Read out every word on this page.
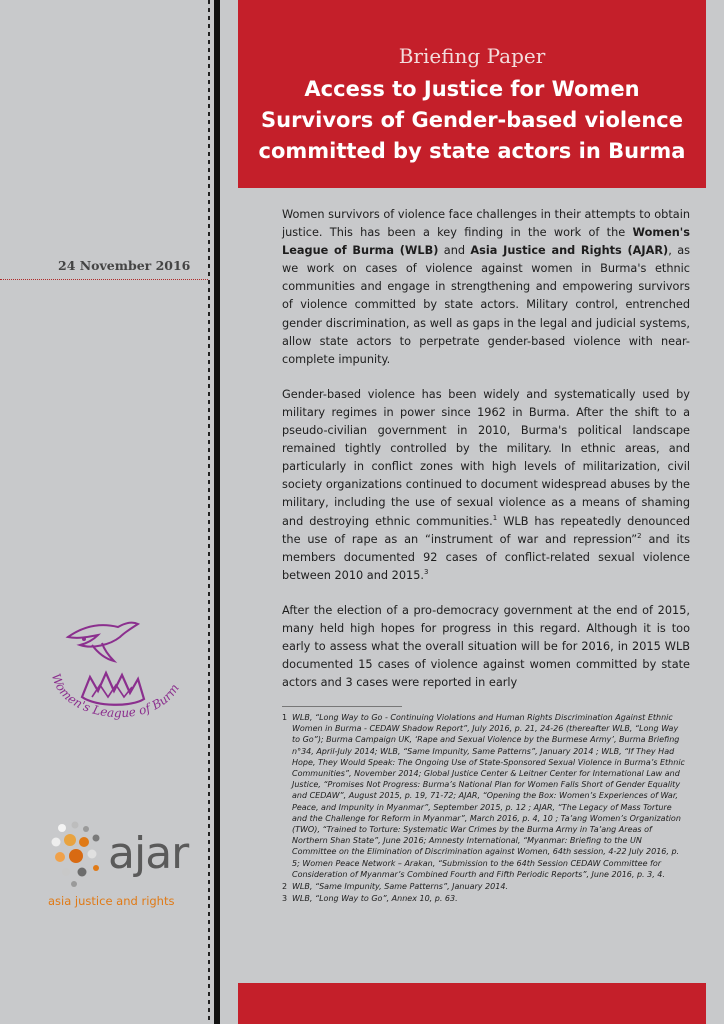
Briefing Paper
Access to Justice for Women Survivors of Gender-based violence committed by state actors in Burma
24 November 2016

Women survivors of violence face challenges in their attempts to obtain justice. This has been a key finding in the work of the Women's League of Burma (WLB) and Asia Justice and Rights (AJAR), as we work on cases of violence against women in Burma's ethnic communities and engage in strengthening and empowering survivors of violence committed by state actors. Military control, entrenched gender discrimination, as well as gaps in the legal and judicial systems, allow state actors to perpetrate gender-based violence with near-complete impunity.

Gender-based violence has been widely and systematically used by military regimes in power since 1962 in Burma. After the shift to a pseudo-civilian government in 2010, Burma's political landscape remained tightly controlled by the military. In ethnic areas, and particularly in conflict zones with high levels of militarization, civil society organizations continued to document widespread abuses by the military, including the use of sexual violence as a means of shaming and destroying ethnic communities.$^1$ WLB has repeatedly denounced the use of rape as an “instrument of war and repression”$^2$ and its members documented 92 cases of conflict-related sexual violence between 2010 and 2015.$^3$

After the election of a pro-democracy government at the end of 2015, many held high hopes for progress in this regard. Although it is too early to assess what the overall situation will be for 2016, in 2015 WLB documented 15 cases of violence against women committed by state actors and 3 cases were reported in early

1 WLB, “Long Way to Go - Continuing Violations and Human Rights Discrimination Against Ethnic Women in Burma - CEDAW Shadow Report”, July 2016, p. 21, 24-26 (thereafter WLB, “Long Way to Go”); Burma Campaign UK, ‘Rape and Sexual Violence by the Burmese Army’, Burma Briefing n°34, April-July 2014; WLB, “Same Impunity, Same Patterns”, January 2014 ; WLB, “If They Had Hope, They Would Speak: The Ongoing Use of State-Sponsored Sexual Violence in Burma’s Ethnic Communities”, November 2014; Global Justice Center & Leitner Center for International Law and Justice, “Promises Not Progress: Burma’s National Plan for Women Falls Short of Gender Equality and CEDAW”, August 2015, p. 19, 71-72; AJAR, “Opening the Box: Women’s Experiences of War, Peace, and Impunity in Myanmar”, September 2015, p. 12 ; AJAR, “The Legacy of Mass Torture and the Challenge for Reform in Myanmar”, March 2016, p. 4, 10 ; Ta’ang Women’s Organization (TWO), “Trained to Torture: Systematic War Crimes by the Burma Army in Ta’ang Areas of Northern Shan State”, June 2016; Amnesty International, “Myanmar: Briefing to the UN Committee on the Elimination of Discrimination against Women, 64th session, 4-22 July 2016, p. 5; Women Peace Network – Arakan, “Submission to the 64th Session CEDAW Committee for Consideration of Myanmar’s Combined Fourth and Fifth Periodic Reports”, June 2016, p. 3, 4.
2 WLB, “Same Impunity, Same Patterns”, January 2014.
3 WLB, “Long Way to Go”, Annex 10, p. 63.
Women's League of Burm
ajar
asia justice and rights
